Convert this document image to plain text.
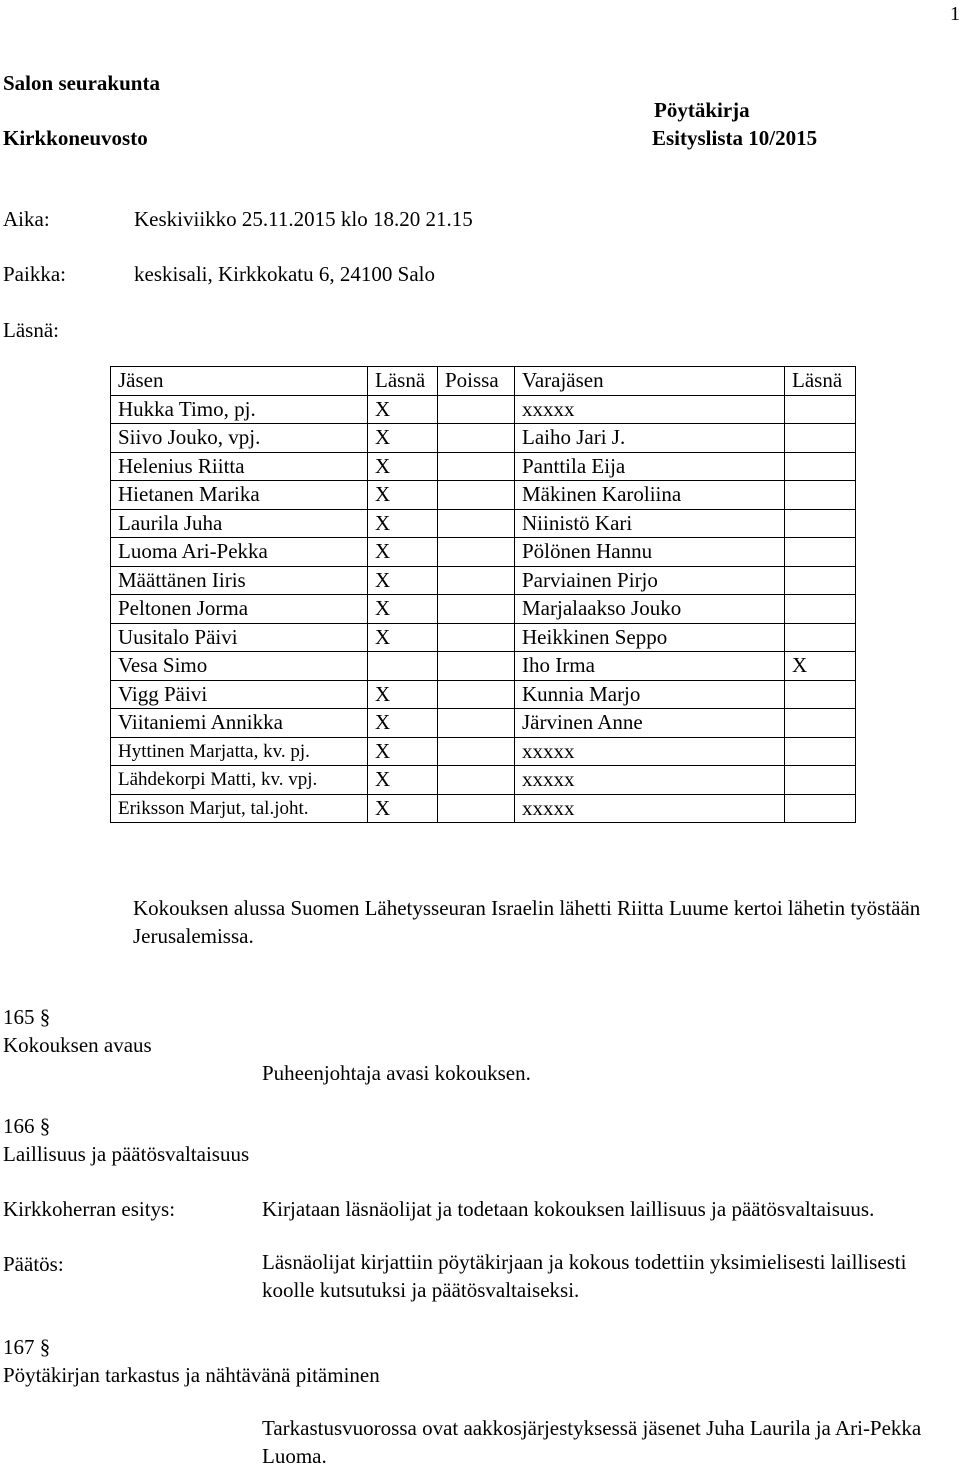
1
Salon seurakunta
Pöytäkirja
Kirkkoneuvosto	Esityslista 10/2015
Aika:	Keskiviikko 25.11.2015 klo 18.20 21.15
Paikka:	keskisali, Kirkkokatu 6, 24100 Salo
Läsnä:
Jäsen	Läsnä	Poissa	Varajäsen	Läsnä
Hukka Timo, pj.	X		xxxxx	
Siivo Jouko, vpj.	X		Laiho Jari J.	
Helenius Riitta	X		Panttila Eija	
Hietanen Marika	X		Mäkinen Karoliina	
Laurila Juha	X		Niinistö Kari	
Luoma Ari-Pekka	X		Pölönen Hannu	
Määttänen Iiris	X		Parviainen Pirjo	
Peltonen Jorma	X		Marjalaakso Jouko	
Uusitalo Päivi	X		Heikkinen Seppo	
Vesa Simo			Iho Irma	X
Vigg Päivi	X		Kunnia Marjo	
Viitaniemi Annikka	X		Järvinen Anne	
Hyttinen Marjatta, kv. pj.	X		xxxxx	
Lähdekorpi Matti, kv. vpj.	X		xxxxx	
Eriksson Marjut, tal.joht.	X		xxxxx	
Kokouksen alussa Suomen Lähetysseuran Israelin lähetti Riitta Luume kertoi lähetin työstään Jerusalemissa.
165 §
Kokouksen avaus
Puheenjohtaja avasi kokouksen.
166 §
Laillisuus ja päätösvaltaisuus
Kirkkoherran esitys:	Kirjataan läsnäolijat ja todetaan kokouksen laillisuus ja päätösvaltaisuus.
Päätös:	Läsnäolijat kirjattiin pöytäkirjaan ja kokous todettiin yksimielisesti laillisesti koolle kutsutuksi ja päätösvaltaiseksi.
167 §
Pöytäkirjan tarkastus ja nähtävänä pitäminen
Tarkastusvuorossa ovat aakkosjärjestyksessä jäsenet Juha Laurila ja Ari-Pekka Luoma.
